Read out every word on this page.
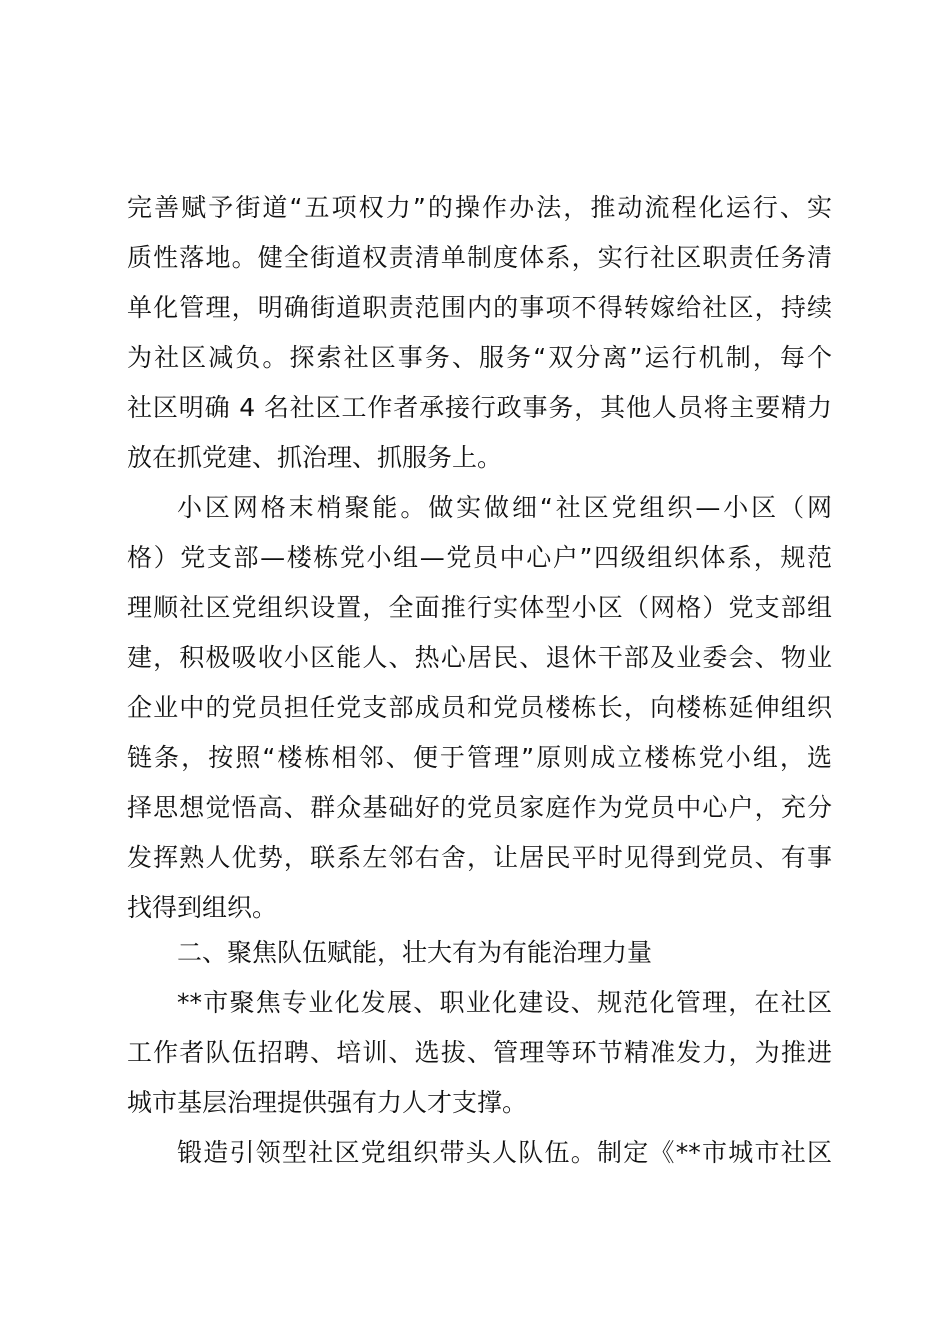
完善赋予街道“五项权力”的操作办法，推动流程化运行、实
质性落地。健全街道权责清单制度体系，实行社区职责任务清
单化管理，明确街道职责范围内的事项不得转嫁给社区，持续
为社区减负。探索社区事务、服务“双分离”运行机制，每个
社区明确 4 名社区工作者承接行政事务，其他人员将主要精力
放在抓党建、抓治理、抓服务上。
小区网格末梢聚能。做实做细“社区党组织—小区（网
格）党支部—楼栋党小组—党员中心户”四级组织体系，规范
理顺社区党组织设置，全面推行实体型小区（网格）党支部组
建，积极吸收小区能人、热心居民、退休干部及业委会、物业
企业中的党员担任党支部成员和党员楼栋长，向楼栋延伸组织
链条，按照“楼栋相邻、便于管理”原则成立楼栋党小组，选
择思想觉悟高、群众基础好的党员家庭作为党员中心户，充分
发挥熟人优势，联系左邻右舍，让居民平时见得到党员、有事
找得到组织。
二、聚焦队伍赋能，壮大有为有能治理力量
**市聚焦专业化发展、职业化建设、规范化管理，在社区
工作者队伍招聘、培训、选拔、管理等环节精准发力，为推进
城市基层治理提供强有力人才支撑。
锻造引领型社区党组织带头人队伍。制定《**市城市社区
